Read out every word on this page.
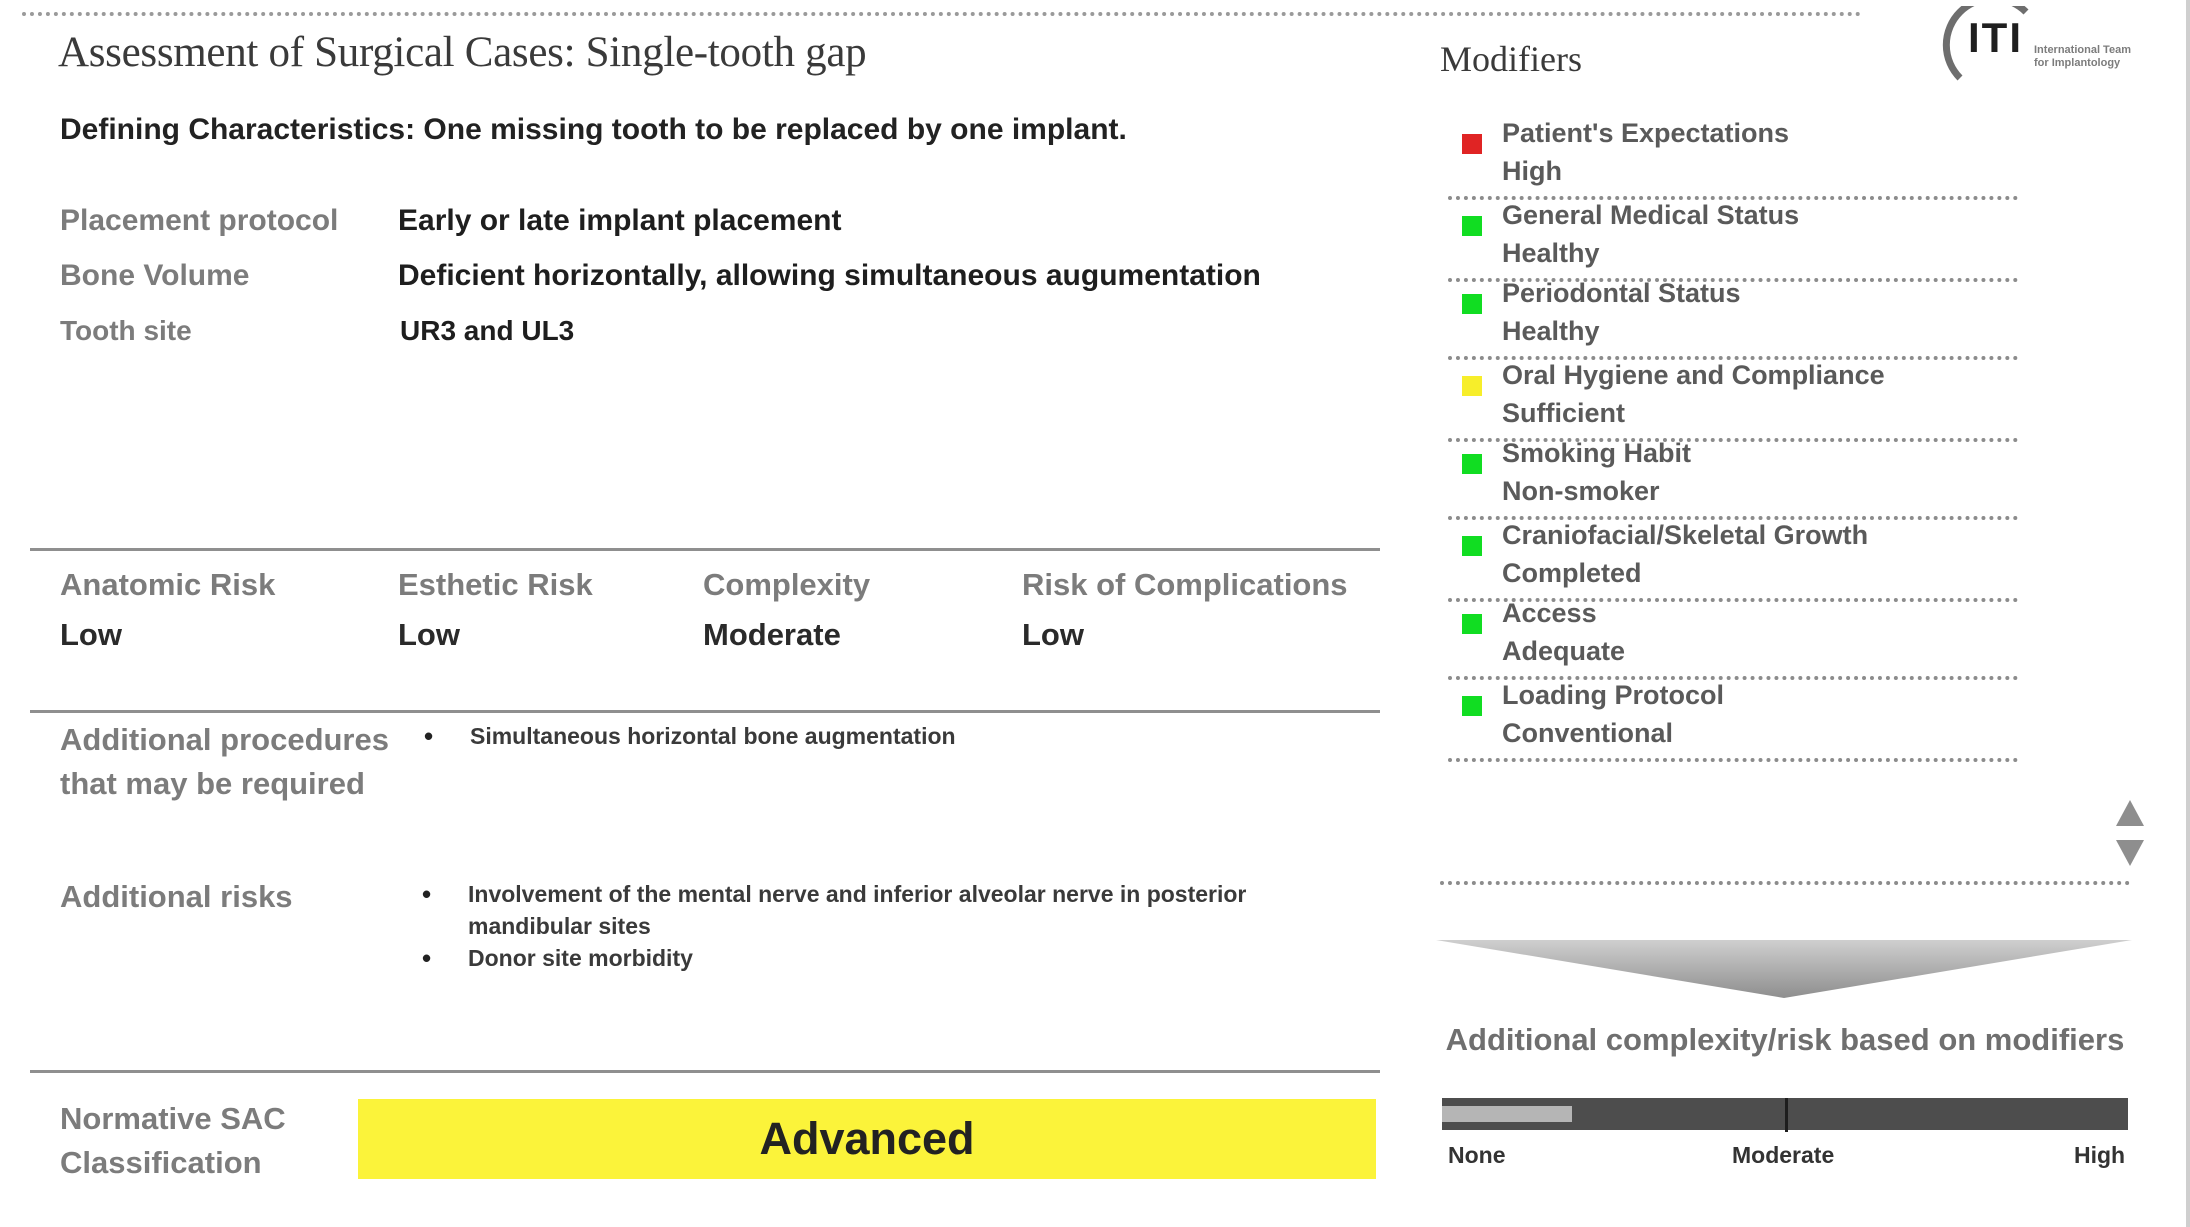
Assessment of Surgical Cases: Single-tooth gap
Defining Characteristics: One missing tooth to be replaced by one implant.
Placement protocol Early or late implant placement
Bone Volume	Deficient horizontally, allowing simultaneous augumentation
Tooth site	UR3 and UL3
Anatomic Risk
Low
Esthetic Risk
Low
Complexity
Moderate
Risk of Complications
Low
Additional procedures
that may be required
• Simultaneous horizontal bone augmentation
Additional risks
•	Involvement of the mental nerve and inferior alveolar nerve in posterior mandibular sites
• Donor site morbidity
Normative SAC
Classification	Advanced
ITI International Team
for Implantology
Modifiers
Patient's Expectations
High
General Medical Status
Healthy
Periodontal Status
Healthy
Oral Hygiene and Compliance
Sufficient
Smoking Habit
Non-smoker
Craniofacial/Skeletal Growth
Completed
Access
Adequate
Loading Protocol
Conventional
Additional complexity/risk based on modifiers
None	Moderate	High
